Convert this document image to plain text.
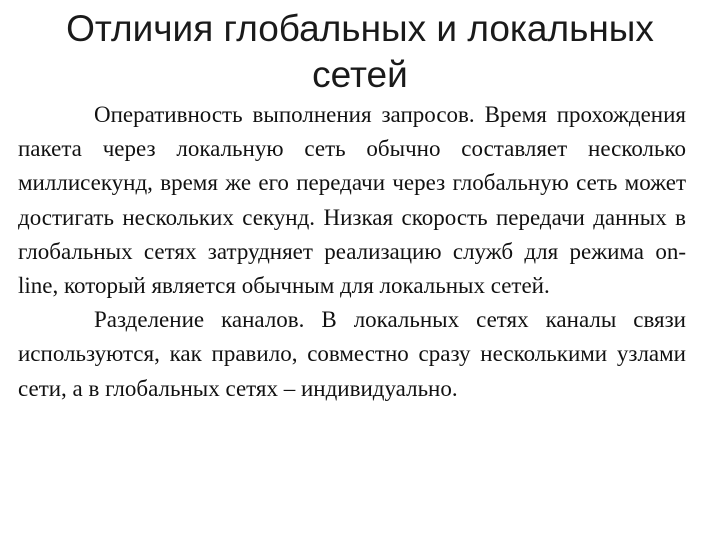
Отличия глобальных и локальных
сетей

Оперативность выполнения запросов. Время прохождения пакета через локальную сеть обычно составляет несколько миллисекунд, время же его передачи через глобальную сеть может достигать нескольких секунд. Низкая скорость передачи данных в глобальных сетях затрудняет реализацию служб для режима on-line, который является обычным для локальных сетей.

Разделение каналов. В локальных сетях каналы связи используются, как правило, совместно сразу несколькими узлами сети, а в глобальных сетях – индивидуально.
